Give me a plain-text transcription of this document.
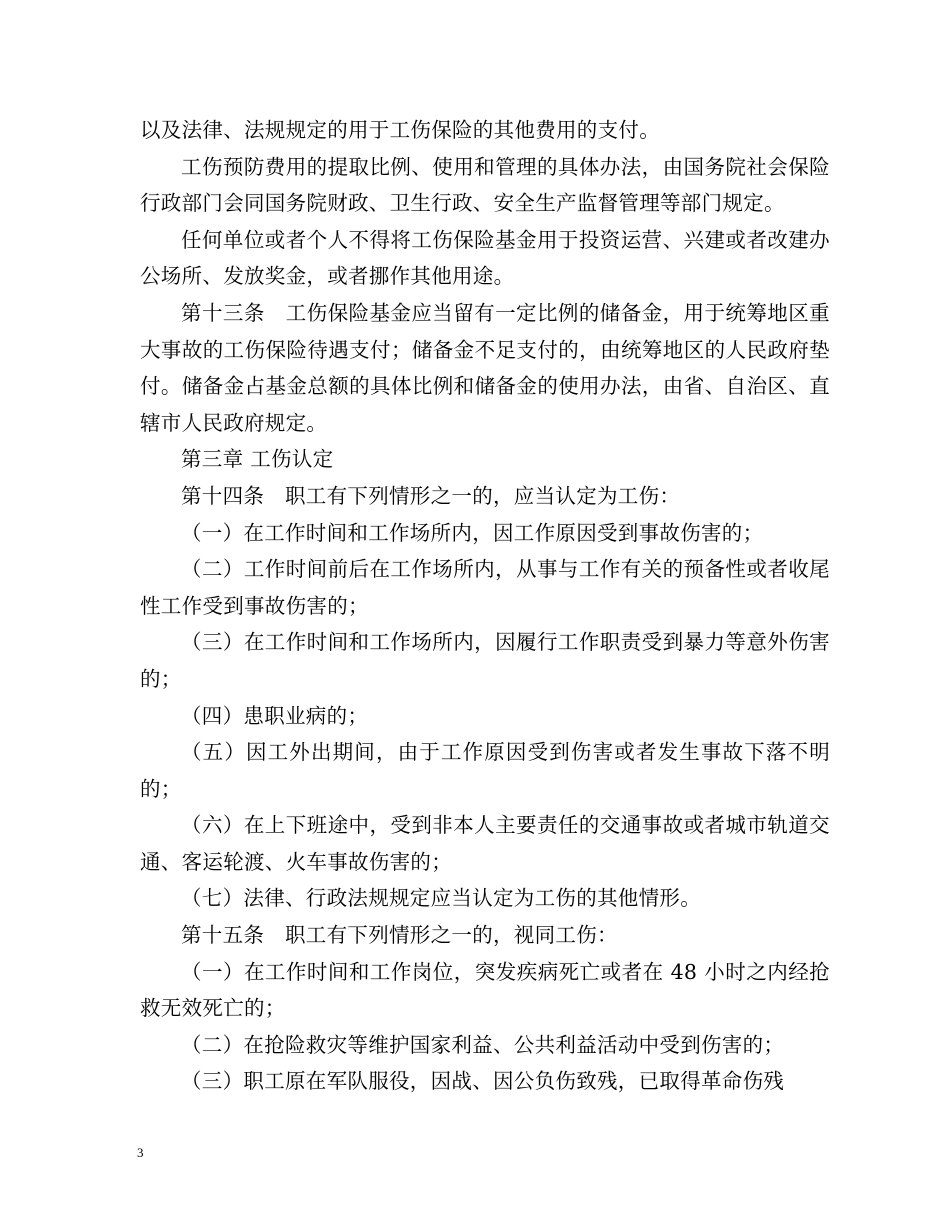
以及法律、法规规定的用于工伤保险的其他费用的支付。

工伤预防费用的提取比例、使用和管理的具体办法，由国务院社会保险行政部门会同国务院财政、卫生行政、安全生产监督管理等部门规定。

任何单位或者个人不得将工伤保险基金用于投资运营、兴建或者改建办公场所、发放奖金，或者挪作其他用途。

第十三条　工伤保险基金应当留有一定比例的储备金，用于统筹地区重大事故的工伤保险待遇支付；储备金不足支付的，由统筹地区的人民政府垫付。储备金占基金总额的具体比例和储备金的使用办法，由省、自治区、直辖市人民政府规定。

第三章 工伤认定

第十四条　职工有下列情形之一的，应当认定为工伤：

（一）在工作时间和工作场所内，因工作原因受到事故伤害的；

（二）工作时间前后在工作场所内，从事与工作有关的预备性或者收尾性工作受到事故伤害的；

（三）在工作时间和工作场所内，因履行工作职责受到暴力等意外伤害的；

（四）患职业病的；

（五）因工外出期间，由于工作原因受到伤害或者发生事故下落不明的；

（六）在上下班途中，受到非本人主要责任的交通事故或者城市轨道交通、客运轮渡、火车事故伤害的；

（七）法律、行政法规规定应当认定为工伤的其他情形。

第十五条　职工有下列情形之一的，视同工伤：

（一）在工作时间和工作岗位，突发疾病死亡或者在 48 小时之内经抢救无效死亡的；

（二）在抢险救灾等维护国家利益、公共利益活动中受到伤害的；

（三）职工原在军队服役，因战、因公负伤致残，已取得革命伤残

3
